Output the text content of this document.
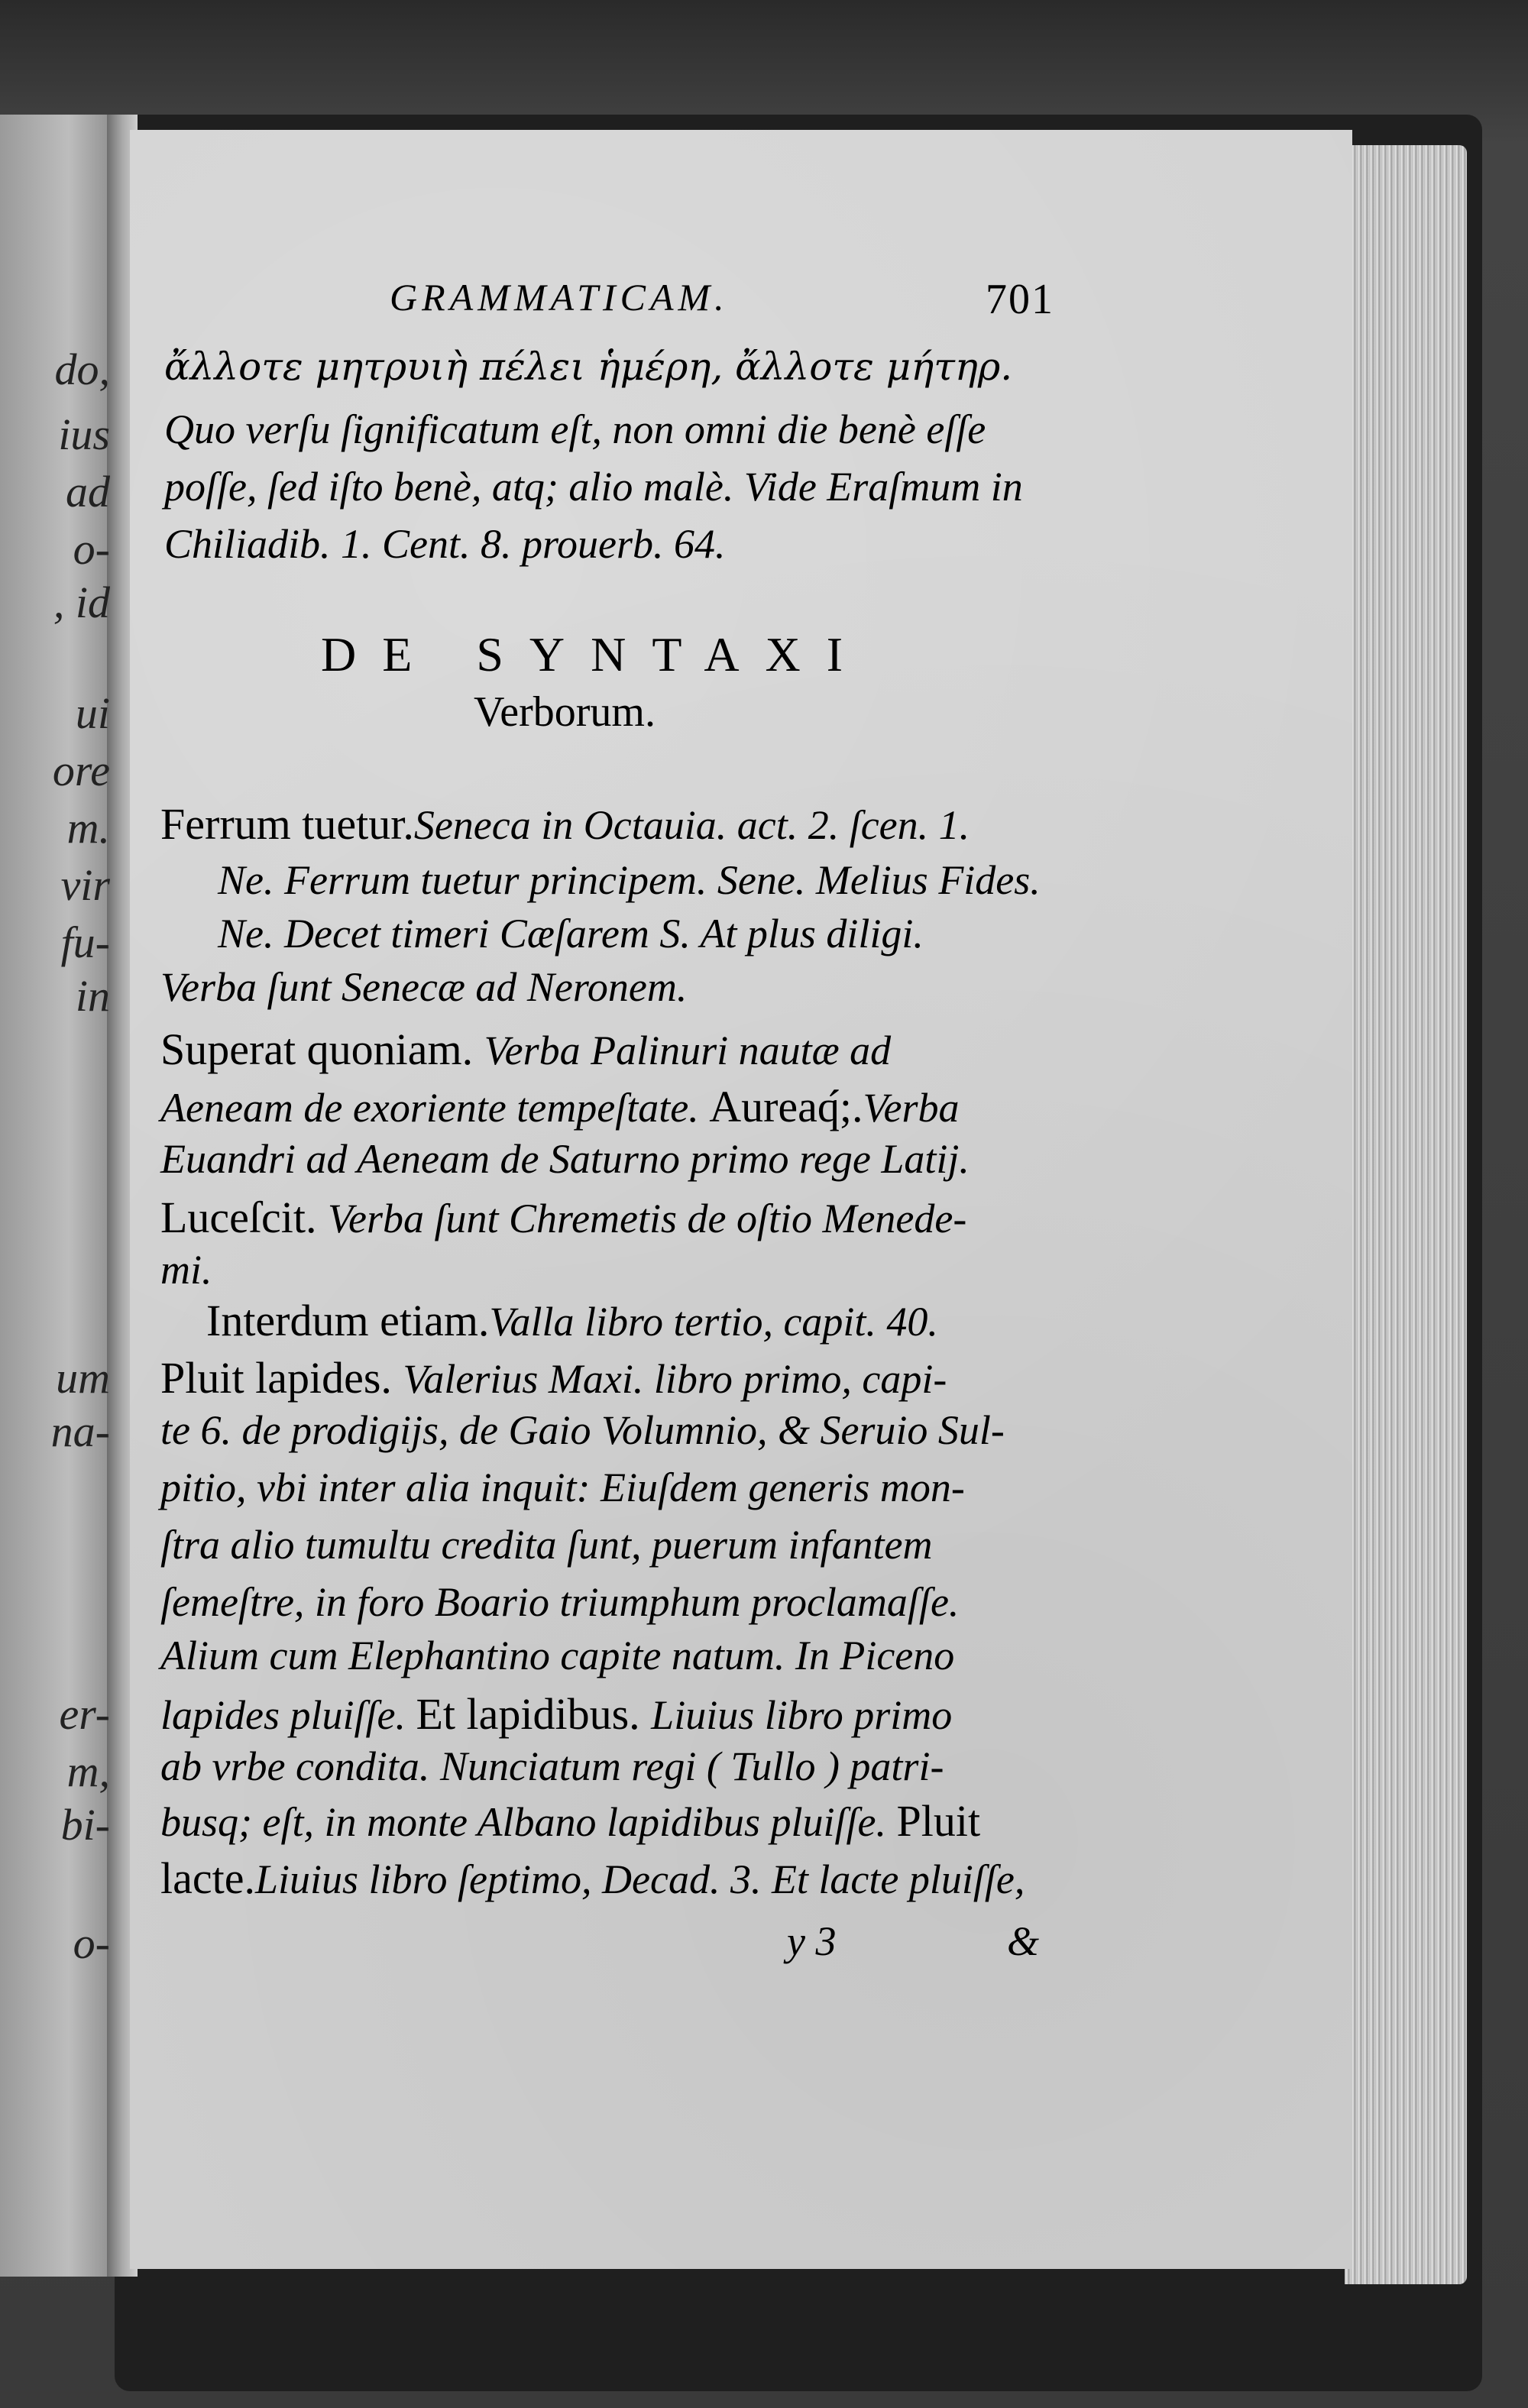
GRAMMATICAM.	701
DE SYNTAXI
Verborum.
y 3	&
do,
ius
ad
o-
, id
ui
ore
m.
vir
fu-
in
um
na-
er-
m,
bi-
o-
ἄλλοτε μητρυιὴ πέλει ἡμέρη, ἄλλοτε μήτηρ.
Quo verſu ſignificatum eſt, non omni die benè eſſe
poſſe, ſed iſto benè, atq; alio malè. Vide Eraſmum in
Chiliadib. 1. Cent. 8. prouerb. 64.
Ferrum tuetur.Seneca in Octauia. act. 2. ſcen. 1.
Ne. Ferrum tuetur principem. Sene. Melius Fides.
Ne. Decet timeri Cæſarem S. At plus diligi.
Verba ſunt Senecæ ad Neronem.
Superat quoniam. Verba Palinuri nautæ ad
Aeneam de exoriente tempeſtate. Aureaq́;.Verba
Euandri ad Aeneam de Saturno primo rege Latij.
Luceſcit. Verba ſunt Chremetis de oſtio Menede-
mi.
Interdum etiam.Valla libro tertio, capit. 40.
Pluit lapides. Valerius Maxi. libro primo, capi-
te 6. de prodigijs, de Gaio Volumnio, & Seruio Sul-
pitio, vbi inter alia inquit: Eiuſdem generis mon-
ſtra alio tumultu credita ſunt, puerum infantem
ſemeſtre, in foro Boario triumphum proclamaſſe.
Alium cum Elephantino capite natum. In Piceno
lapides pluiſſe. Et lapidibus. Liuius libro primo
ab vrbe condita. Nunciatum regi ( Tullo ) patri-
busq; eſt, in monte Albano lapidibus pluiſſe. Pluit
lacte.Liuius libro ſeptimo, Decad. 3. Et lacte pluiſſe,
